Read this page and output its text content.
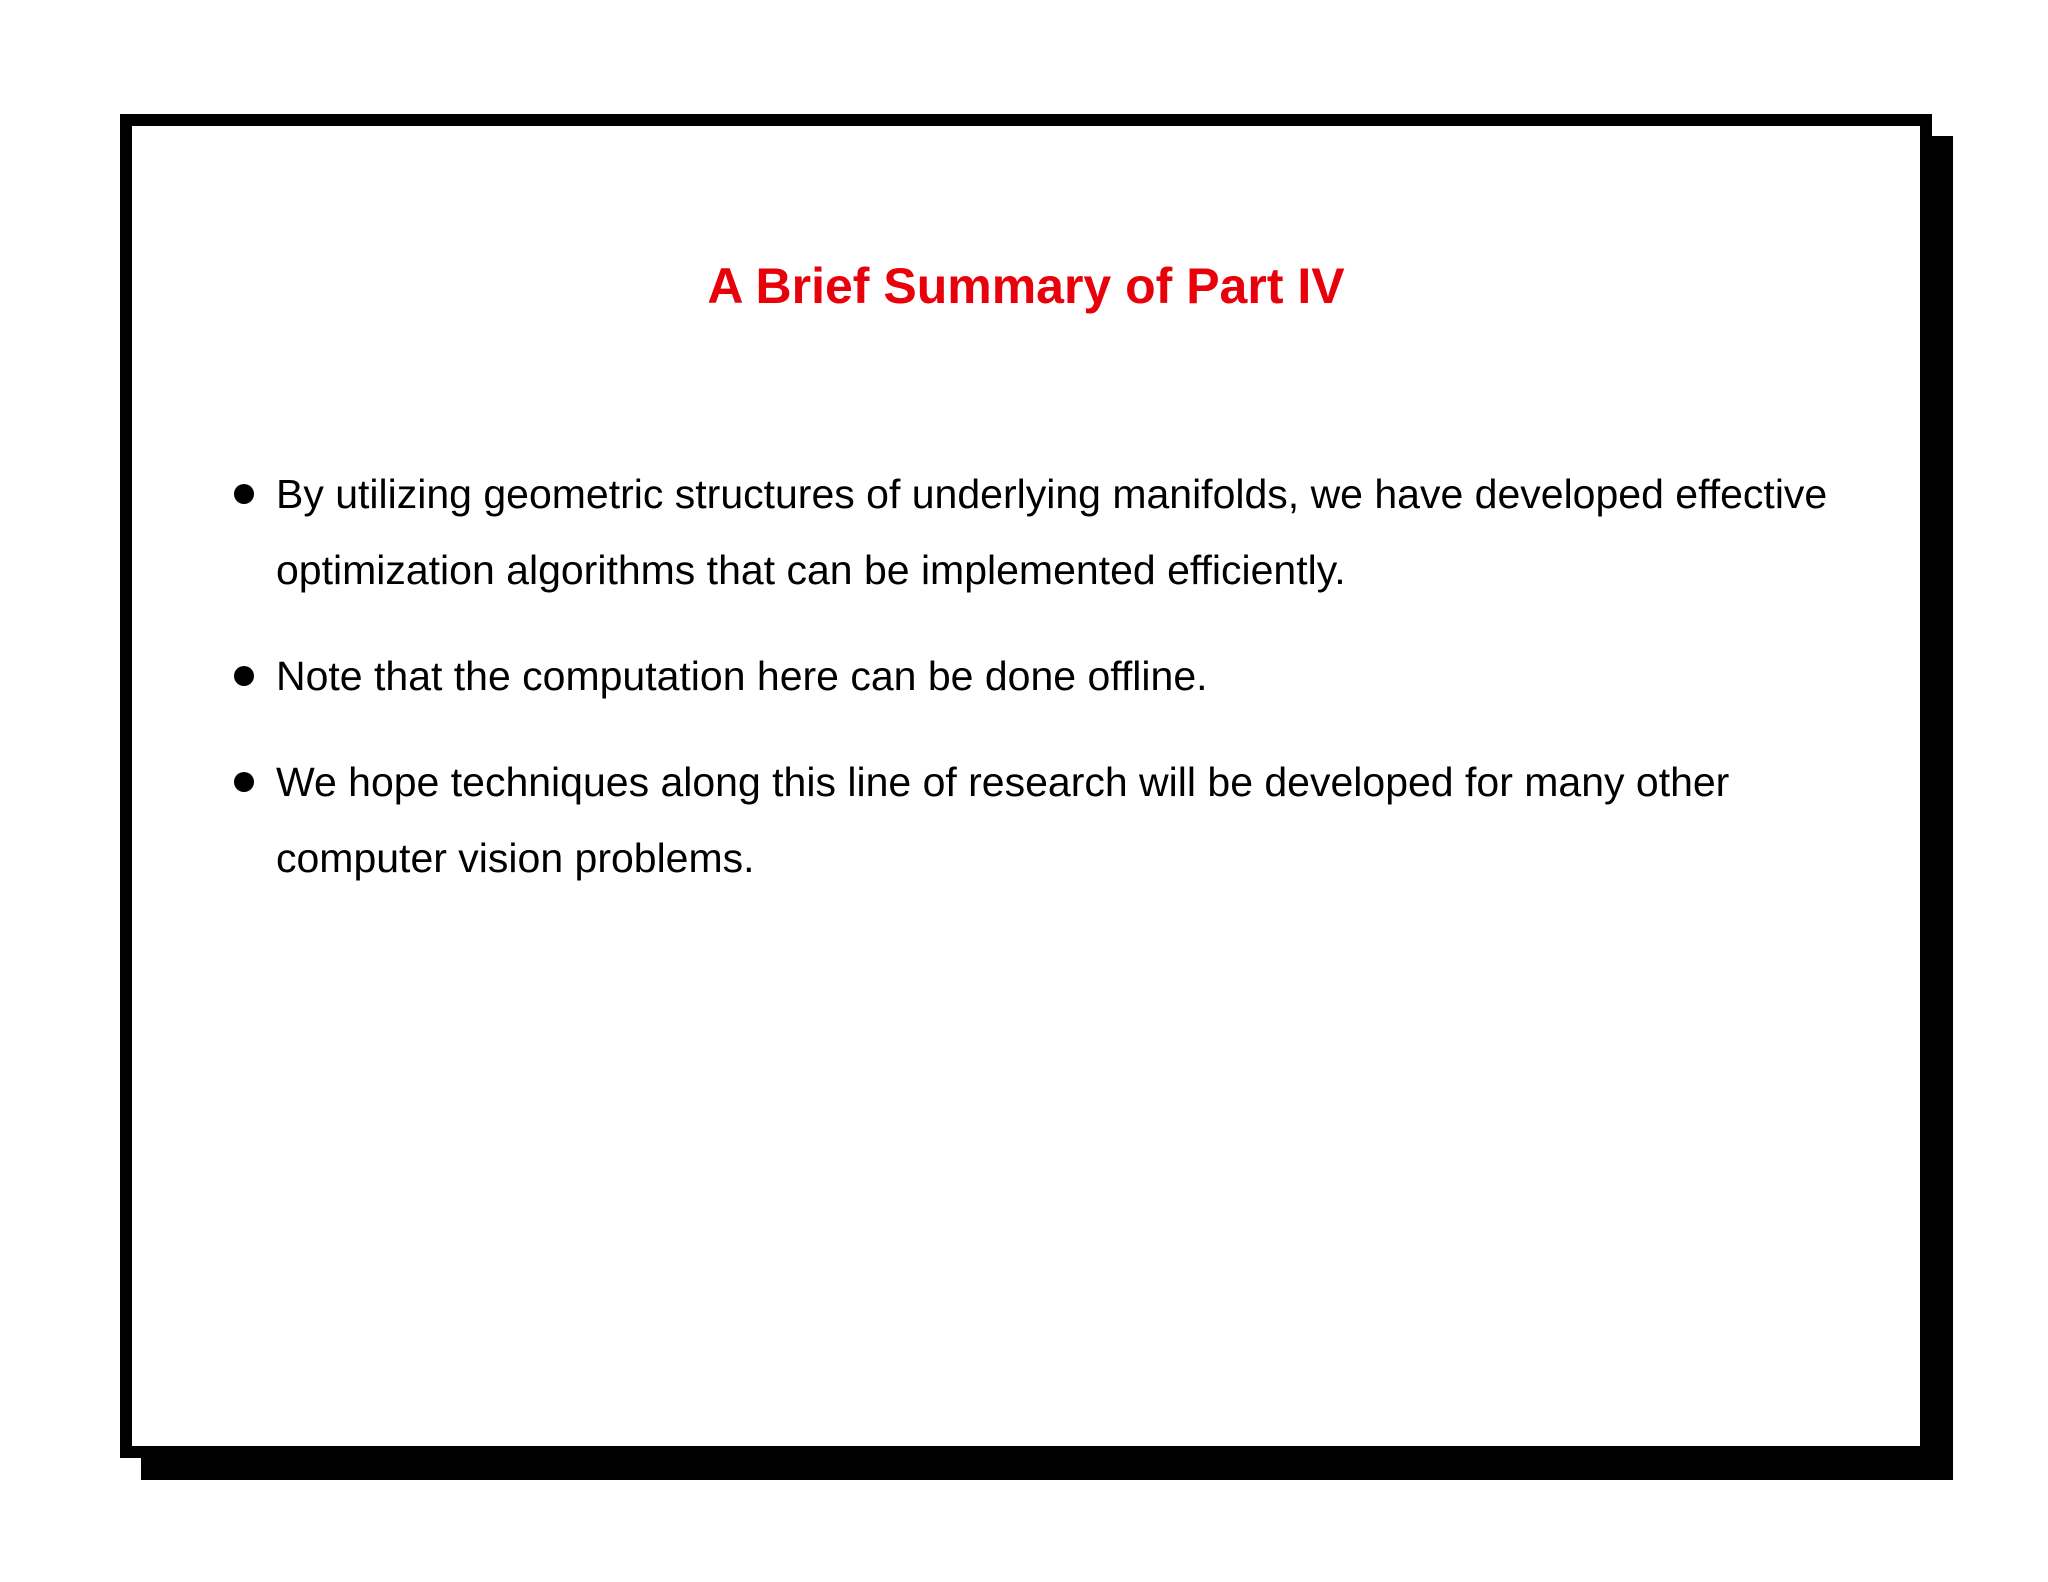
A Brief Summary of Part IV
By utilizing geometric structures of underlying manifolds, we have developed effective optimization algorithms that can be implemented efficiently.
Note that the computation here can be done offline.
We hope techniques along this line of research will be developed for many other computer vision problems.
